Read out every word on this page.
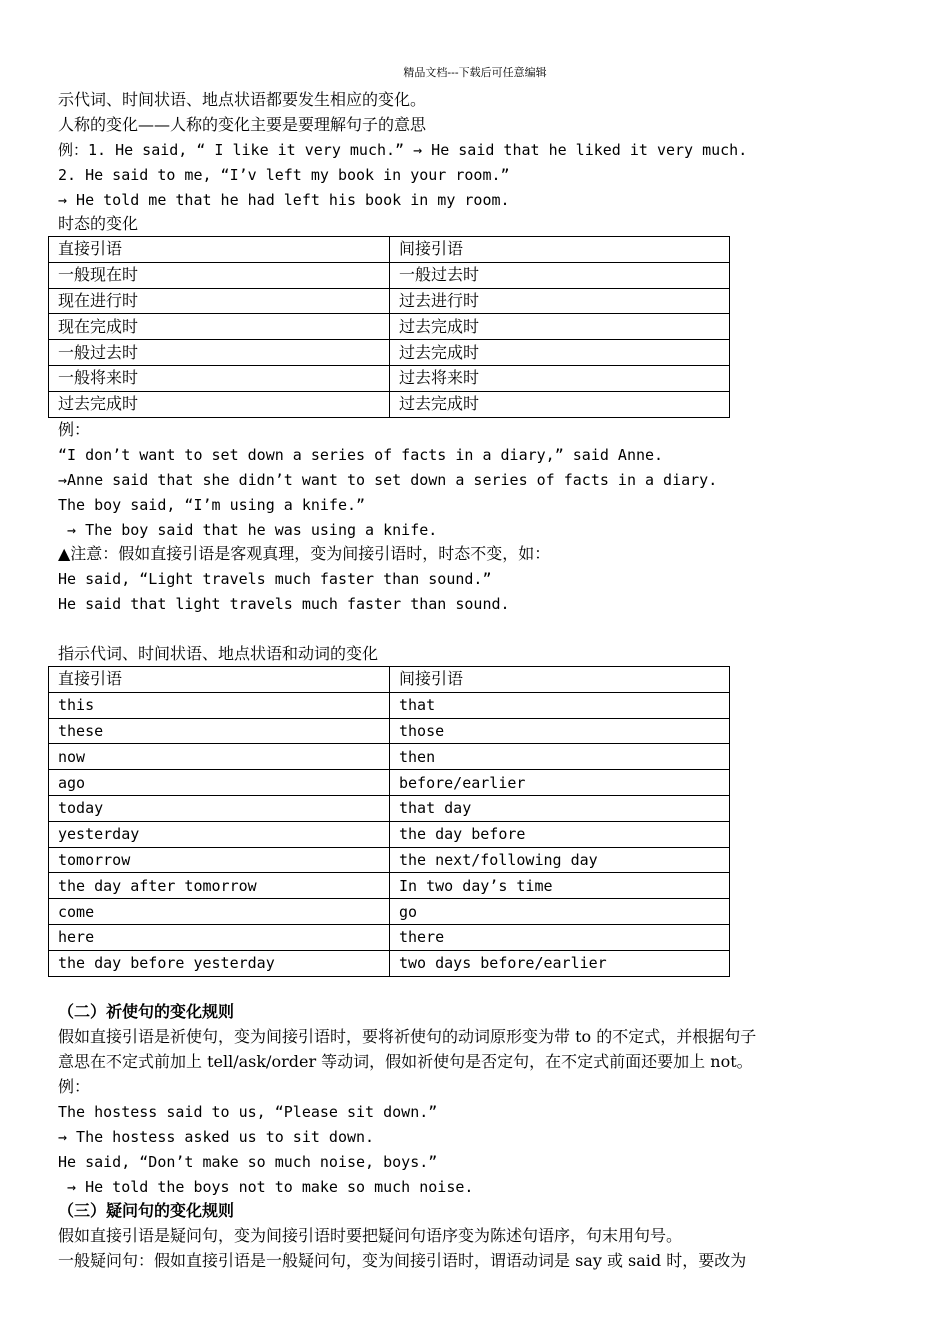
精品文档---下载后可任意编辑
示代词、时间状语、地点状语都要发生相应的变化。
人称的变化——人称的变化主要是要理解句子的意思
例：1. He said, “ I like it very much.” → He said that he liked it very much.
2. He said to me, “I’v left my book in your room.”
→ He told me that he had left his book in my room.
时态的变化
直接引语	间接引语
一般现在时	一般过去时
现在进行时	过去进行时
现在完成时	过去完成时
一般过去时	过去完成时
一般将来时	过去将来时
过去完成时	过去完成时
例：
“I don’t want to set down a series of facts in a diary,” said Anne.
→Anne said that she didn’t want to set down a series of facts in a diary.
The boy said, “I’m using a knife.”
→ The boy said that he was using a knife.
▲注意：假如直接引语是客观真理，变为间接引语时，时态不变，如：
He said, “Light travels much faster than sound.”
He said that light travels much faster than sound.
指示代词、时间状语、地点状语和动词的变化
直接引语	间接引语
this	that
these	those
now	then
ago	before/earlier
today	that day
yesterday	the day before
tomorrow	the next/following day
the day after tomorrow	In two day’s time
come	go
here	there
the day before yesterday	two days before/earlier
（二）祈使句的变化规则
假如直接引语是祈使句，变为间接引语时，要将祈使句的动词原形变为带 to 的不定式，并根据句子
意思在不定式前加上 tell/ask/order 等动词，假如祈使句是否定句，在不定式前面还要加上 not。
例：
The hostess said to us, “Please sit down.”
→ The hostess asked us to sit down.
He said, “Don’t make so much noise, boys.”
→ He told the boys not to make so much noise.
（三）疑问句的变化规则
假如直接引语是疑问句，变为间接引语时要把疑问句语序变为陈述句语序，句末用句号。
一般疑问句：假如直接引语是一般疑问句，变为间接引语时，谓语动词是 say 或 said 时，要改为
